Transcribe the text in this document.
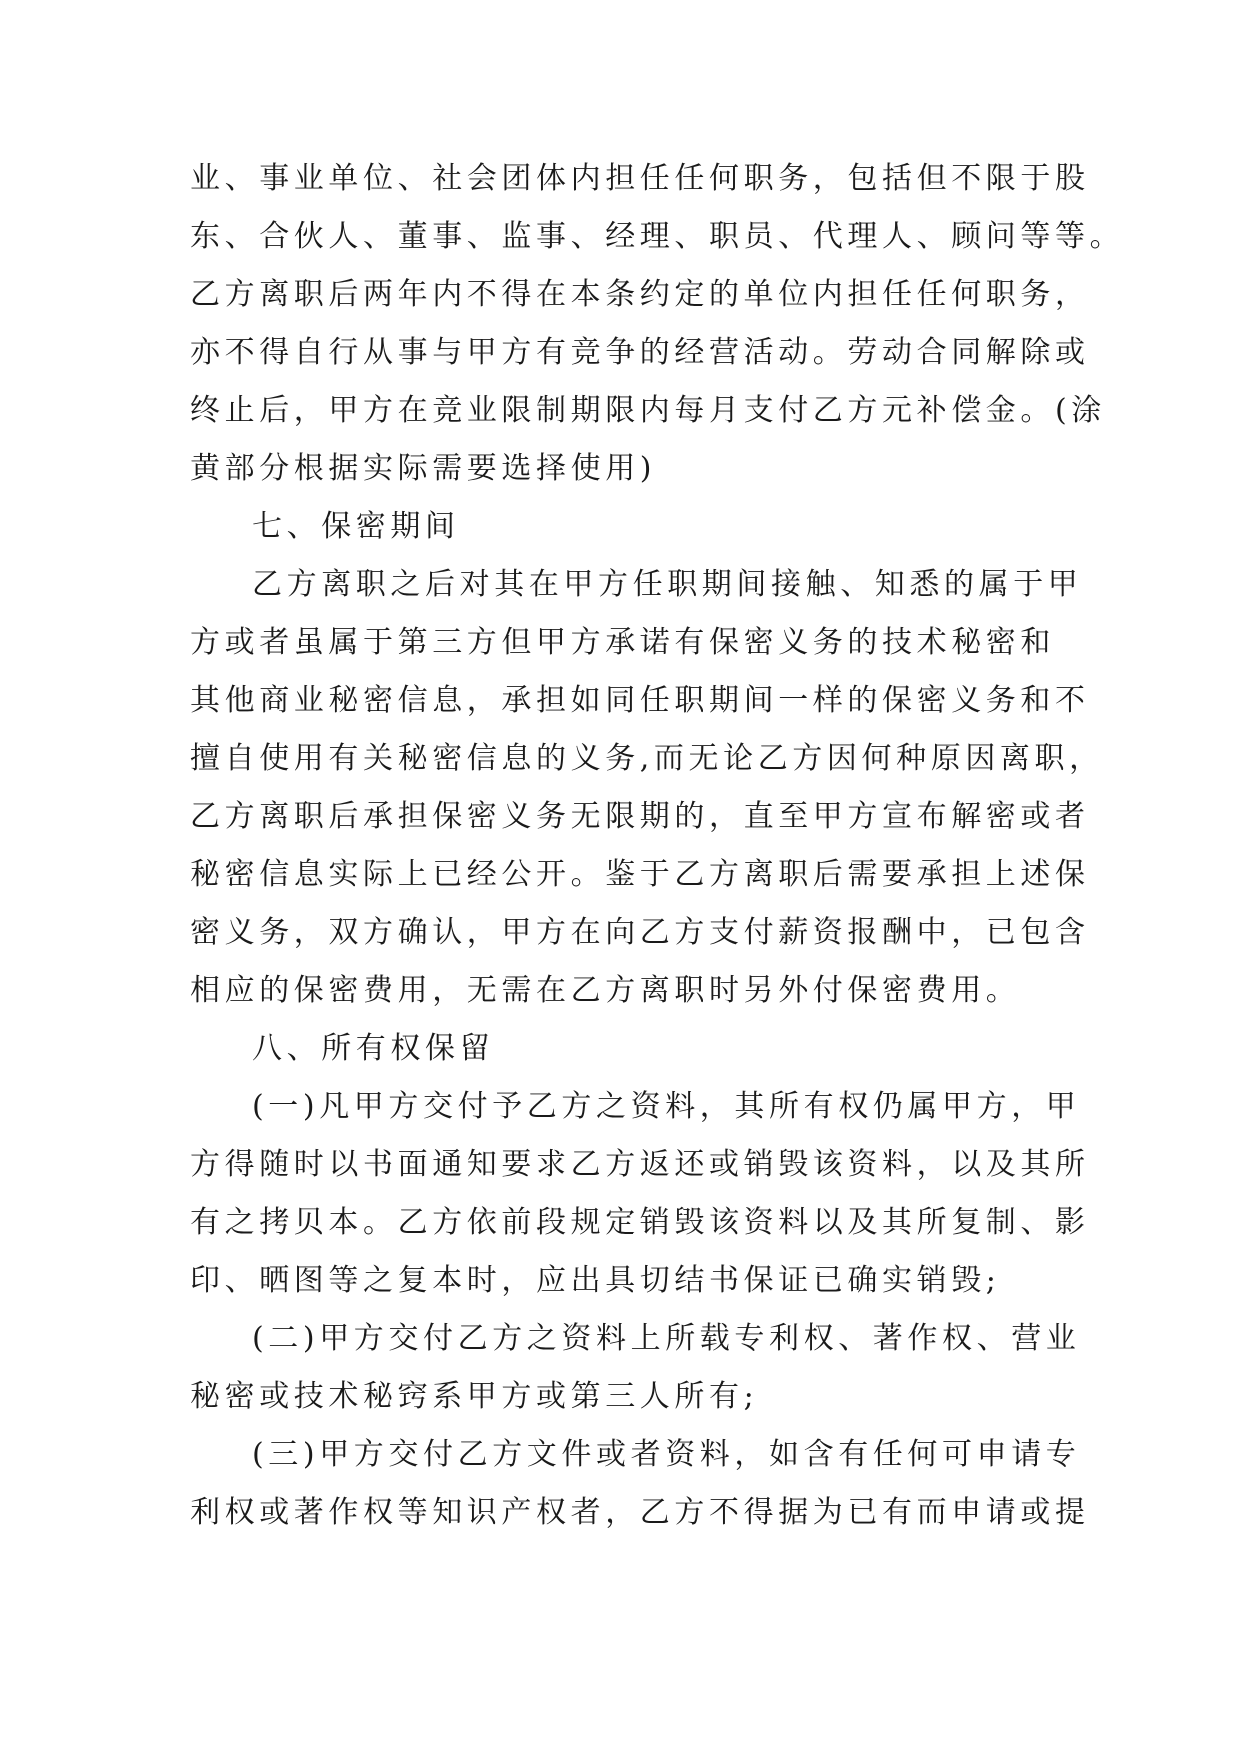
业、事业单位、社会团体内担任任何职务，包括但不限于股
东、合伙人、董事、监事、经理、职员、代理人、顾问等等。
乙方离职后两年内不得在本条约定的单位内担任任何职务，
亦不得自行从事与甲方有竞争的经营活动。劳动合同解除或
终止后，甲方在竞业限制期限内每月支付乙方元补偿金。(涂
黄部分根据实际需要选择使用)
七、保密期间
乙方离职之后对其在甲方任职期间接触、知悉的属于甲
方或者虽属于第三方但甲方承诺有保密义务的技术秘密和
其他商业秘密信息，承担如同任职期间一样的保密义务和不
擅自使用有关秘密信息的义务,而无论乙方因何种原因离职，
乙方离职后承担保密义务无限期的，直至甲方宣布解密或者
秘密信息实际上已经公开。鉴于乙方离职后需要承担上述保
密义务，双方确认，甲方在向乙方支付薪资报酬中，已包含
相应的保密费用，无需在乙方离职时另外付保密费用。
八、所有权保留
(一)凡甲方交付予乙方之资料，其所有权仍属甲方，甲
方得随时以书面通知要求乙方返还或销毁该资料，以及其所
有之拷贝本。乙方依前段规定销毁该资料以及其所复制、影
印、晒图等之复本时，应出具切结书保证已确实销毁;
(二)甲方交付乙方之资料上所载专利权、著作权、营业
秘密或技术秘窍系甲方或第三人所有;
(三)甲方交付乙方文件或者资料，如含有任何可申请专
利权或著作权等知识产权者，乙方不得据为已有而申请或提
